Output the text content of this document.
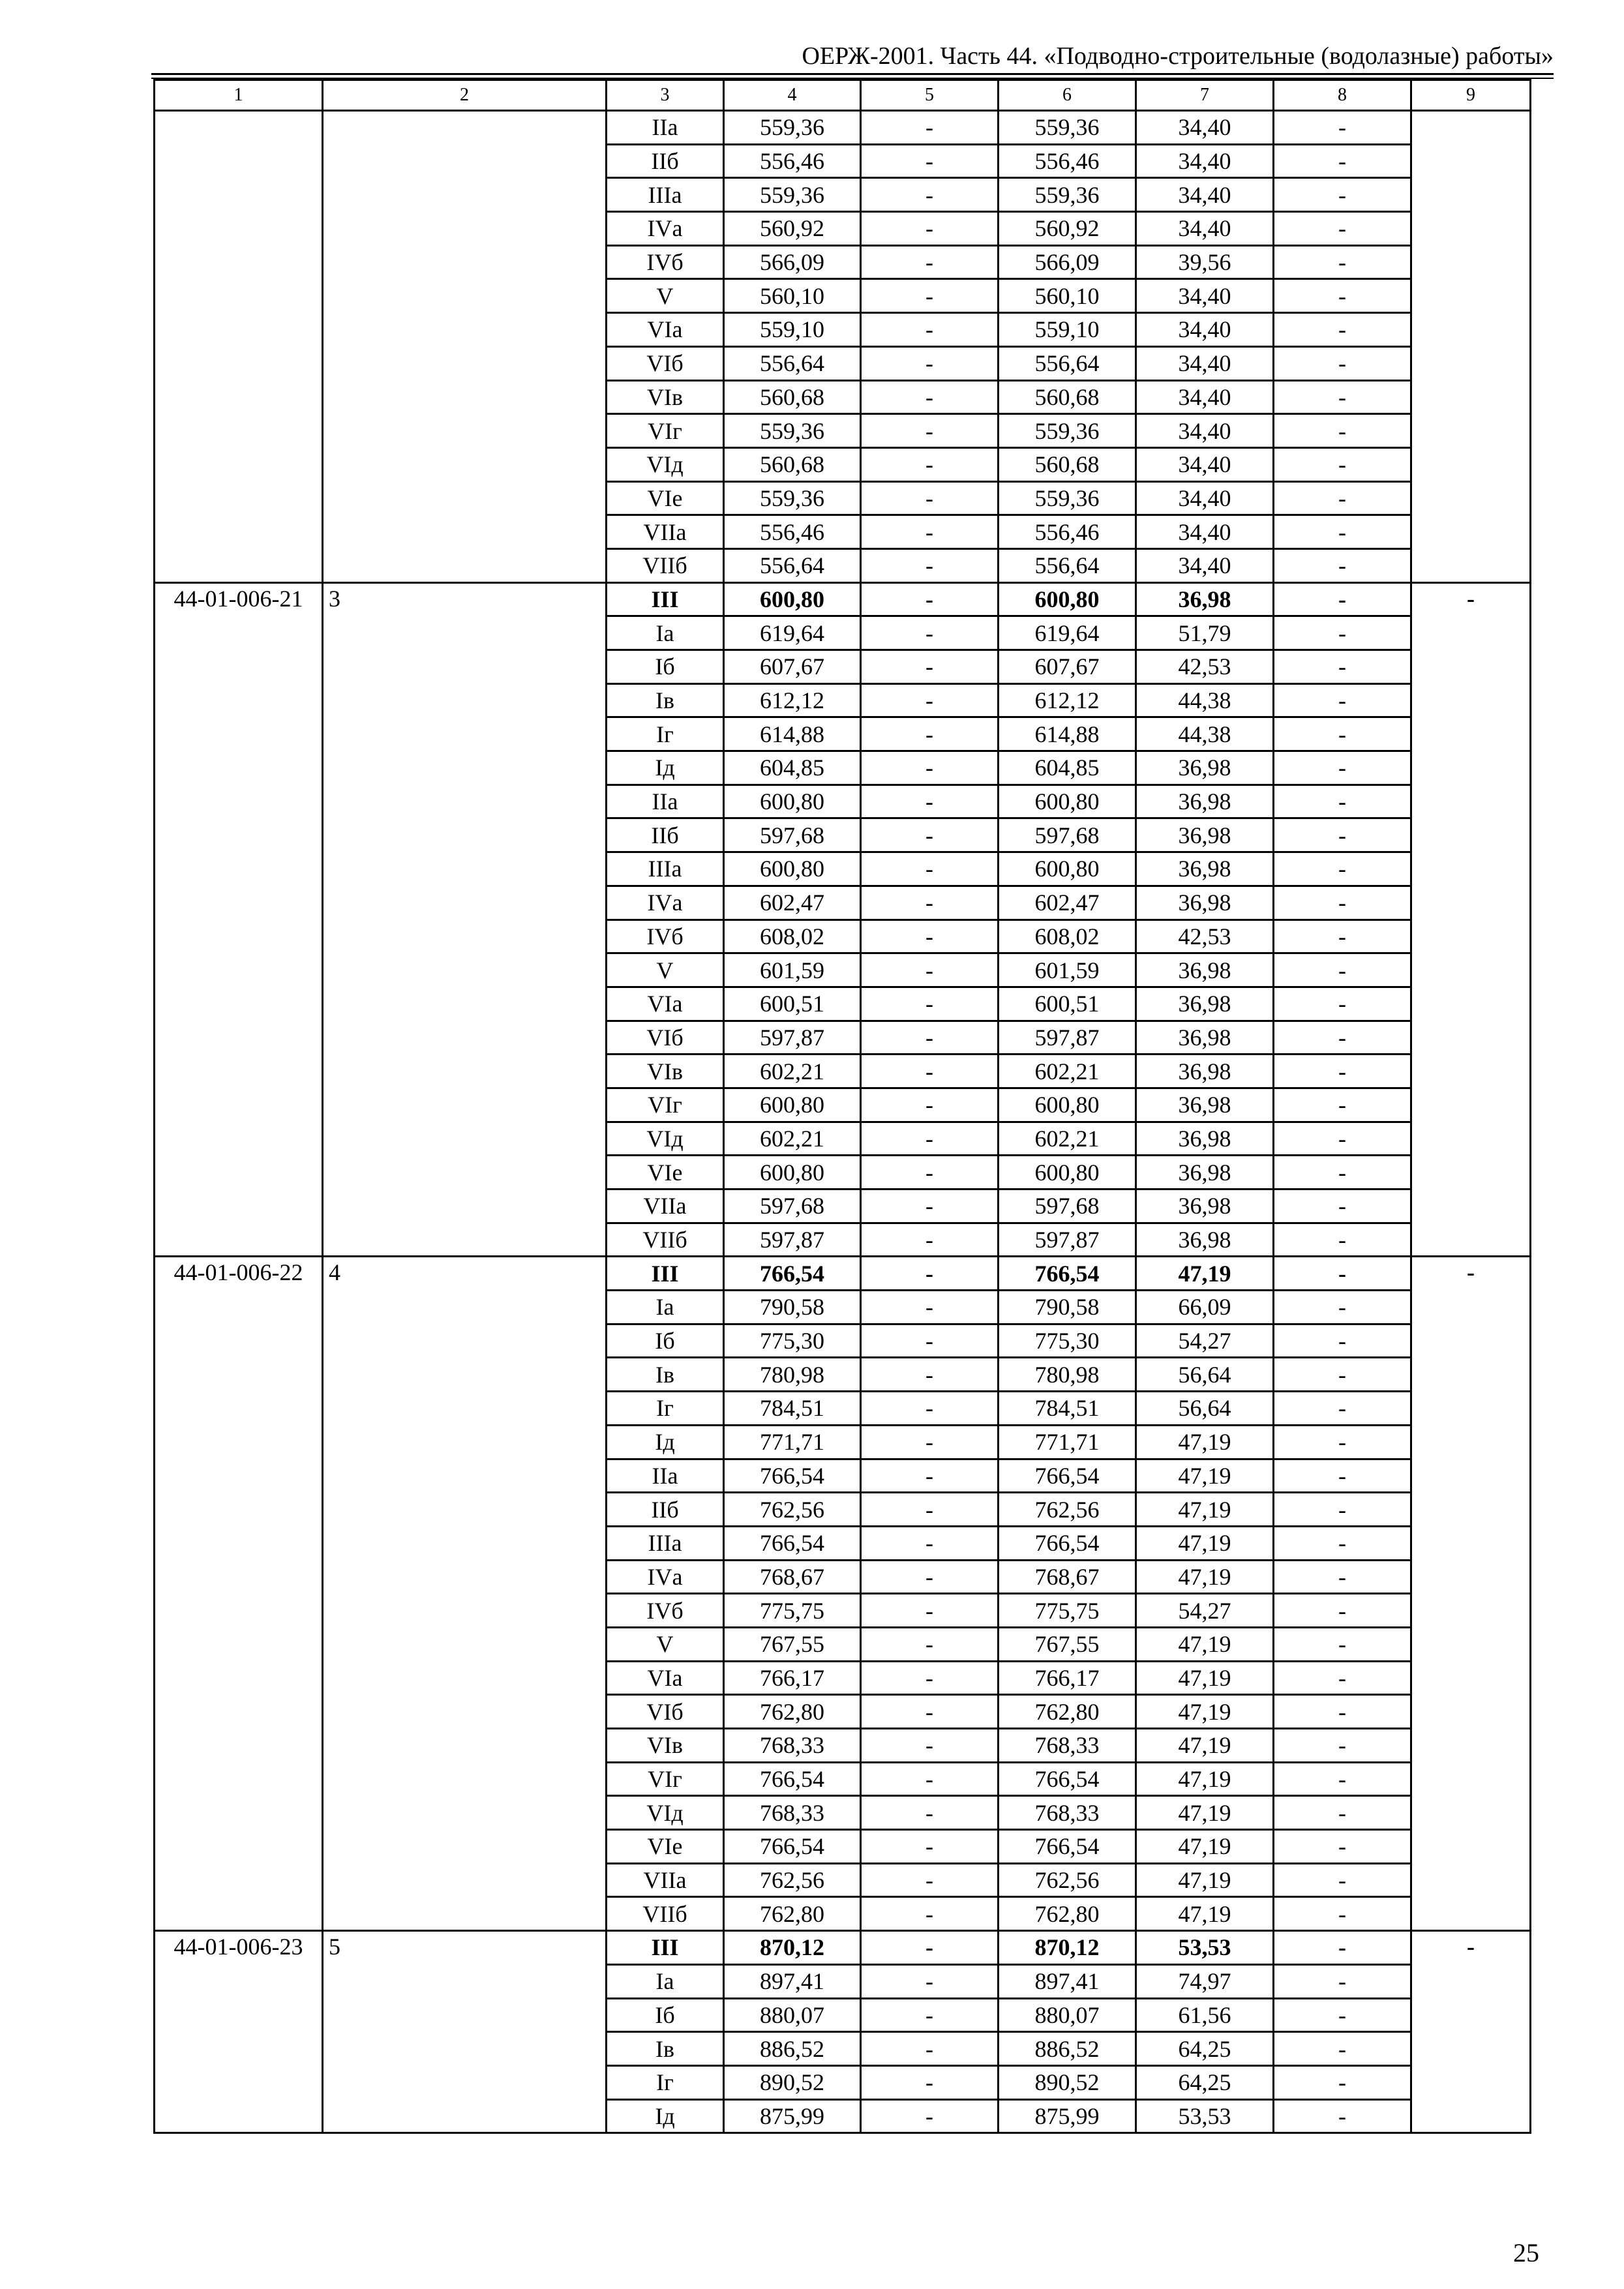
ОЕРЖ-2001. Часть 44. «Подводно-строительные (водолазные) работы»
1	2	3	4	5	6	7	8	9
		IIа	559,36	-	559,36	34,40	-	
		IIб	556,46	-	556,46	34,40	-	
		IIIа	559,36	-	559,36	34,40	-	
		IVа	560,92	-	560,92	34,40	-	
		IVб	566,09	-	566,09	39,56	-	
		V	560,10	-	560,10	34,40	-	
		VIа	559,10	-	559,10	34,40	-	
		VIб	556,64	-	556,64	34,40	-	
		VIв	560,68	-	560,68	34,40	-	
		VIг	559,36	-	559,36	34,40	-	
		VIд	560,68	-	560,68	34,40	-	
		VIе	559,36	-	559,36	34,40	-	
		VIIа	556,46	-	556,46	34,40	-	
		VIIб	556,64	-	556,64	34,40	-	
44-01-006-21	3	III	600,80	-	600,80	36,98	-	-
		Iа	619,64	-	619,64	51,79	-	
		Iб	607,67	-	607,67	42,53	-	
		Iв	612,12	-	612,12	44,38	-	
		Iг	614,88	-	614,88	44,38	-	
		Iд	604,85	-	604,85	36,98	-	
		IIа	600,80	-	600,80	36,98	-	
		IIб	597,68	-	597,68	36,98	-	
		IIIа	600,80	-	600,80	36,98	-	
		IVа	602,47	-	602,47	36,98	-	
		IVб	608,02	-	608,02	42,53	-	
		V	601,59	-	601,59	36,98	-	
		VIа	600,51	-	600,51	36,98	-	
		VIб	597,87	-	597,87	36,98	-	
		VIв	602,21	-	602,21	36,98	-	
		VIг	600,80	-	600,80	36,98	-	
		VIд	602,21	-	602,21	36,98	-	
		VIе	600,80	-	600,80	36,98	-	
		VIIа	597,68	-	597,68	36,98	-	
		VIIб	597,87	-	597,87	36,98	-	
44-01-006-22	4	III	766,54	-	766,54	47,19	-	-
		Iа	790,58	-	790,58	66,09	-	
		Iб	775,30	-	775,30	54,27	-	
		Iв	780,98	-	780,98	56,64	-	
		Iг	784,51	-	784,51	56,64	-	
		Iд	771,71	-	771,71	47,19	-	
		IIа	766,54	-	766,54	47,19	-	
		IIб	762,56	-	762,56	47,19	-	
		IIIа	766,54	-	766,54	47,19	-	
		IVа	768,67	-	768,67	47,19	-	
		IVб	775,75	-	775,75	54,27	-	
		V	767,55	-	767,55	47,19	-	
		VIа	766,17	-	766,17	47,19	-	
		VIб	762,80	-	762,80	47,19	-	
		VIв	768,33	-	768,33	47,19	-	
		VIг	766,54	-	766,54	47,19	-	
		VIд	768,33	-	768,33	47,19	-	
		VIе	766,54	-	766,54	47,19	-	
		VIIа	762,56	-	762,56	47,19	-	
		VIIб	762,80	-	762,80	47,19	-	
44-01-006-23	5	III	870,12	-	870,12	53,53	-	-
		Iа	897,41	-	897,41	74,97	-	
		Iб	880,07	-	880,07	61,56	-	
		Iв	886,52	-	886,52	64,25	-	
		Iг	890,52	-	890,52	64,25	-	
		Iд	875,99	-	875,99	53,53	-	
25
